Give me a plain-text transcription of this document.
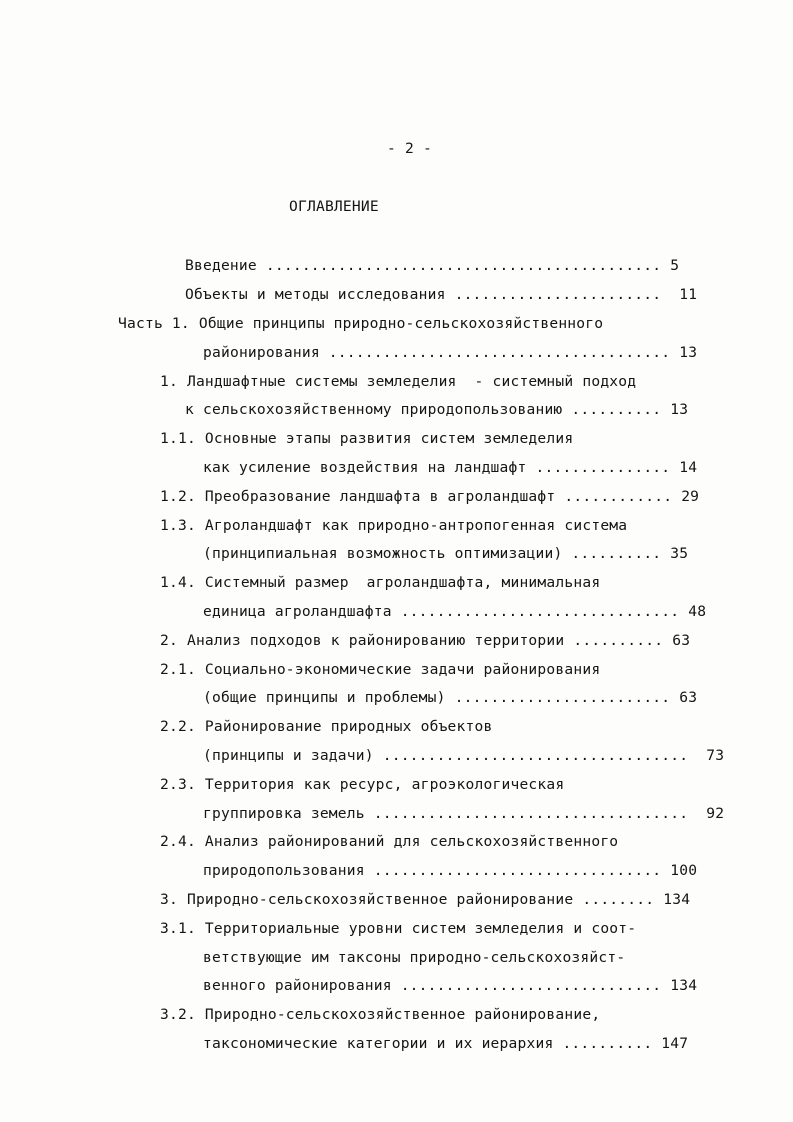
- 2 -
ОГЛАВЛЕНИЕ
Введение ............................................ 5
Объекты и методы исследования .......................  11
Часть 1. Общие принципы природно-сельскохозяйственного
районирования ...................................... 13
1. Ландшафтные системы земледелия  - системный подход
к сельскохозяйственному природопользованию .......... 13
1.1. Основные этапы развития систем земледелия
как усиление воздействия на ландшафт ............... 14
1.2. Преобразование ландшафта в агроландшафт ............ 29
1.3. Агроландшафт как природно-антропогенная система
(принципиальная возможность оптимизации) .......... 35
1.4. Системный размер  агроландшафта, минимальная
единица агроландшафта ............................... 48
2. Анализ подходов к районированию территории .......... 63
2.1. Социально-экономические задачи районирования
(общие принципы и проблемы) ........................ 63
2.2. Районирование природных объектов
(принципы и задачи) ..................................  73
2.3. Территория как ресурс, агроэкологическая
группировка земель ...................................  92
2.4. Анализ районирований для сельскохозяйственного
природопользования ................................ 100
3. Природно-сельскохозяйственное районирование ........ 134
3.1. Территориальные уровни систем земледелия и соот-
ветствующие им таксоны природно-сельскохозяйст-
венного районирования ............................. 134
3.2. Природно-сельскохозяйственное районирование,
таксономические категории и их иерархия .......... 147
